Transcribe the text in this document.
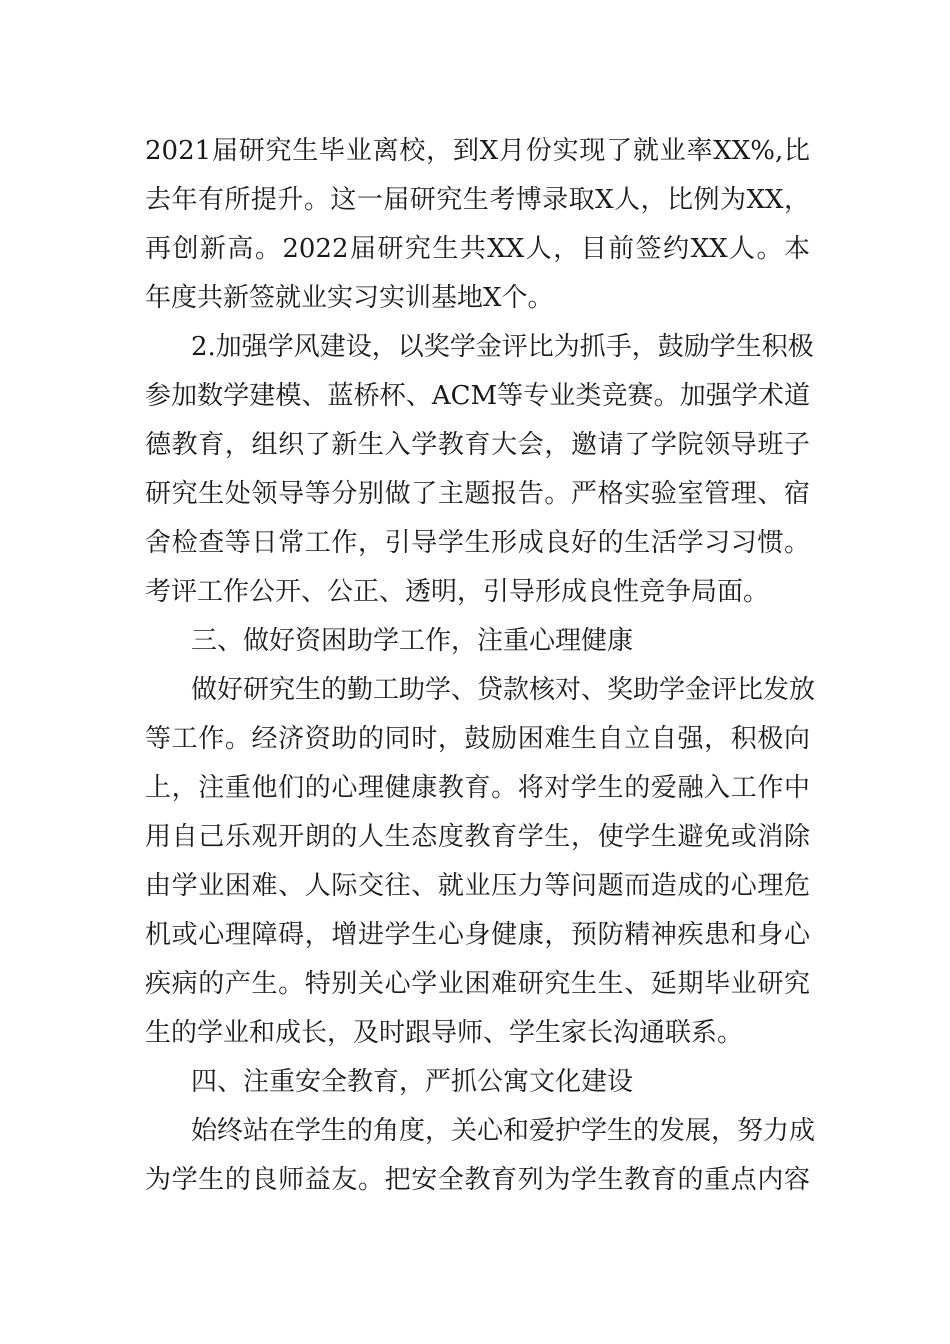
2021届研究生毕业离校，到X月份实现了就业率XX%,比
去年有所提升。这一届研究生考博录取X人，比例为XX，
再创新高。2022届研究生共XX人，目前签约XX人。本
年度共新签就业实习实训基地X个。
2.加强学风建设，以奖学金评比为抓手，鼓励学生积极
参加数学建模、蓝桥杯、ACM等专业类竞赛。加强学术道
德教育，组织了新生入学教育大会，邀请了学院领导班子
研究生处领导等分别做了主题报告。严格实验室管理、宿
舍检查等日常工作，引导学生形成良好的生活学习习惯。
考评工作公开、公正、透明，引导形成良性竞争局面。
三、做好资困助学工作，注重心理健康
做好研究生的勤工助学、贷款核对、奖助学金评比发放
等工作。经济资助的同时，鼓励困难生自立自强，积极向
上，注重他们的心理健康教育。将对学生的爱融入工作中
用自己乐观开朗的人生态度教育学生，使学生避免或消除
由学业困难、人际交往、就业压力等问题而造成的心理危
机或心理障碍，增进学生心身健康，预防精神疾患和身心
疾病的产生。特别关心学业困难研究生生、延期毕业研究
生的学业和成长，及时跟导师、学生家长沟通联系。
四、注重安全教育，严抓公寓文化建设
始终站在学生的角度，关心和爱护学生的发展，努力成
为学生的良师益友。把安全教育列为学生教育的重点内容
